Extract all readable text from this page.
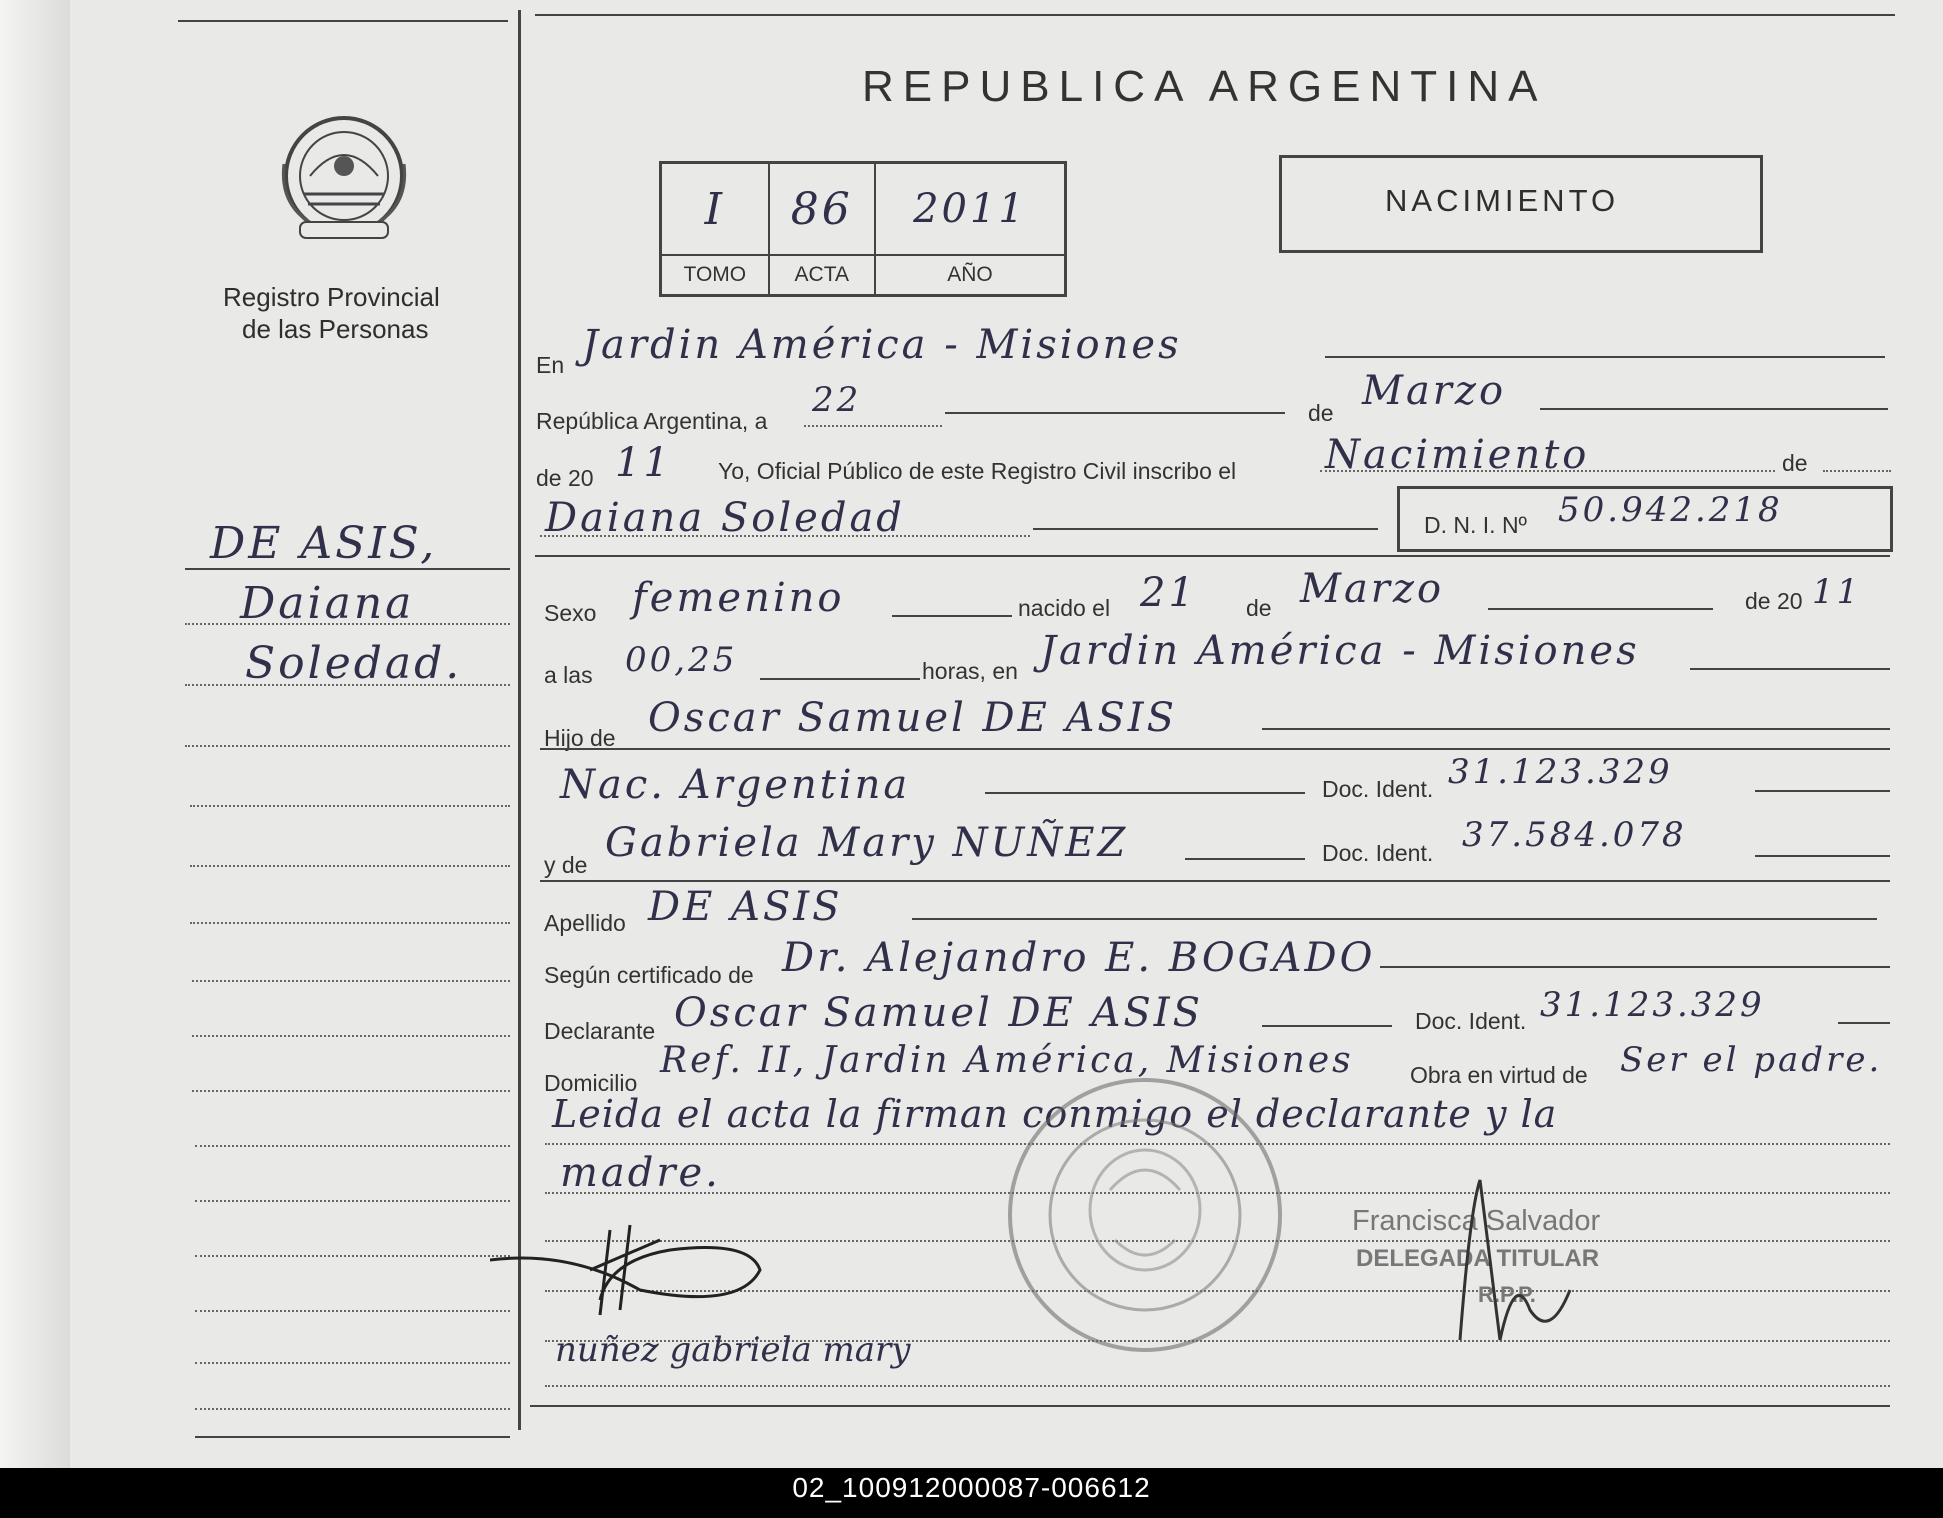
Registro Provincial
de las Personas
REPUBLICA ARGENTINA
I	86	2011
TOMO	ACTA	AÑO
NACIMIENTO
DE ASIS,
Daiana
Soledad.
En Jardin América - Misiones
República Argentina, a
22	de Marzo
de 20 11 Yo, Oficial Público de este Registro Civil inscribo el Nacimiento	de
Daiana Soledad	D. N. I. Nº 50.942.218
Sexo femenino	nacido el 21 de Marzo	de 20 11
a las 00,25	horas, en Jardin América - Misiones
Hijo de Oscar Samuel DE ASIS
Nac. Argentina	Doc. Ident. 31.123.329
y de Gabriela Mary NUÑEZ	Doc. Ident. 37.584.078
Apellido DE ASIS
Según certificado de Dr. Alejandro E. BOGADO
Declarante Oscar Samuel DE ASIS	Doc. Ident. 31.123.329
Domicilio
Ref. II, Jardin América, Misiones Obra en virtud de Ser el padre.
Leida el acta la firman conmigo el declarante y la
madre.
nuñez gabriela mary
Francisca Salvador
DELEGADA TITULAR
R.P.P.
02_100912000087-006612
